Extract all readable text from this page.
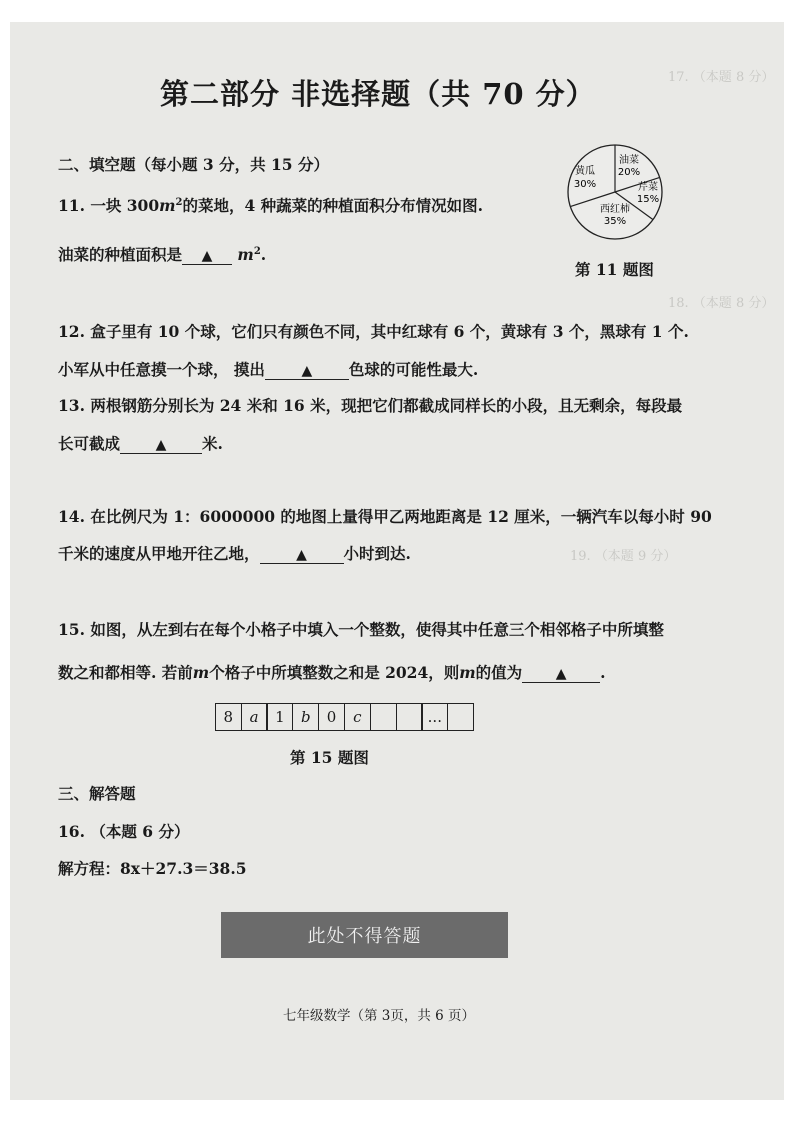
17. （本题 8 分）
18. （本题 8 分）
19. （本题 9 分）
第二部分 非选择题（共 70 分）
二、填空题（每小题 3 分，共 15 分）
11. 一块 $300m^2$的菜地，4 种蔬菜的种植面积分布情况如图.
油菜的种植面积是 ▲ $m^2$.
黄瓜
30%
油菜
20%
芹菜
15%
西红柿
35%
第 11 题图
12. 盒子里有 10 个球，它们只有颜色不同，其中红球有 6 个，黄球有 3 个，黑球有 1 个.
小军从中任意摸一个球， 摸出	▲ 色球的可能性最大.
13. 两根钢筋分别长为 24 米和 16 米，现把它们都截成同样长的小段，且无剩余，每段最
长可截成	▲ 米.
14. 在比例尺为 1：6000000 的地图上量得甲乙两地距离是 12 厘米，一辆汽车以每小时 90
千米的速度从甲地开往乙地，	▲ 小时到达.
15. 如图，从左到右在每个小格子中填入一个整数，使得其中任意三个相邻格子中所填整
数之和都相等. 若前m个格子中所填整数之和是 2024，则m的值为 ▲ .
8	a	1	b	0	c	...
第 15 题图
三、解答题
16. （本题 6 分）
解方程：8x＋27.3＝38.5
此处不得答题
七年级数学（第 3页，共 6 页）
